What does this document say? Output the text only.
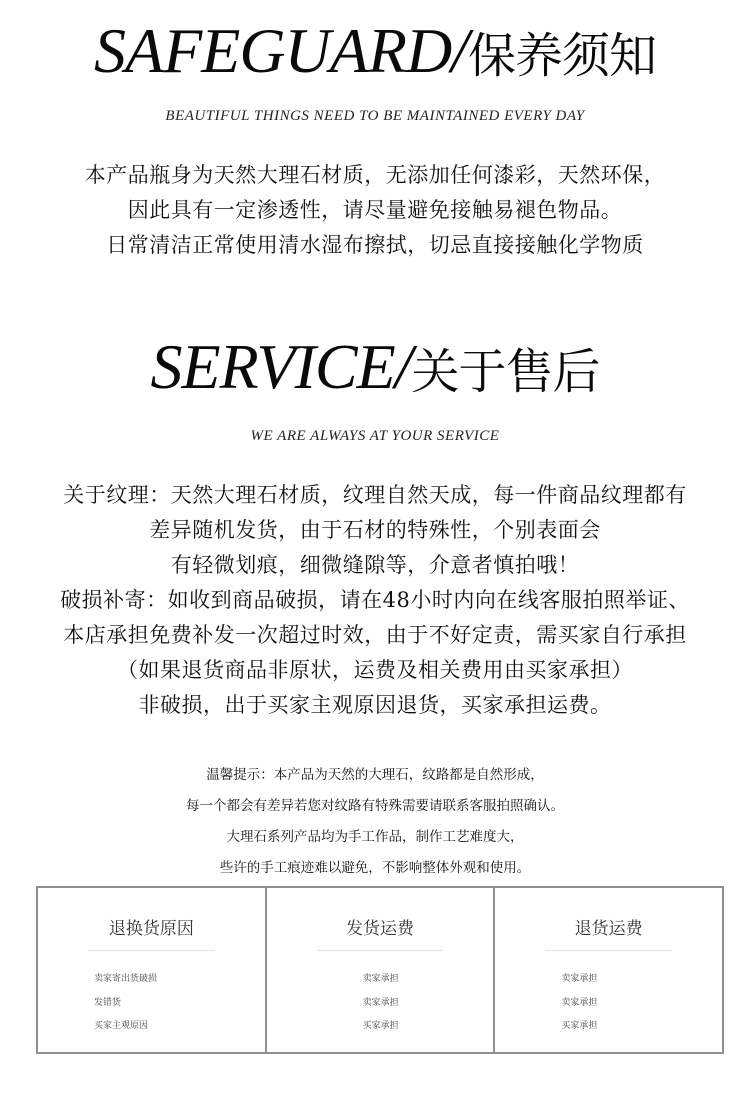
SAFEGUARD/保养须知
BEAUTIFUL THINGS NEED TO BE MAINTAINED EVERY DAY
本产品瓶身为天然大理石材质，无添加任何漆彩，天然环保，
因此具有一定渗透性，请尽量避免接触易褪色物品。
日常清洁正常使用清水湿布擦拭，切忌直接接触化学物质
SERVICE/关于售后
WE ARE ALWAYS AT YOUR SERVICE
关于纹理：天然大理石材质，纹理自然天成，每一件商品纹理都有
差异随机发货，由于石材的特殊性，个别表面会
有轻微划痕，细微缝隙等，介意者慎拍哦！
破损补寄：如收到商品破损，请在48小时内向在线客服拍照举证、
本店承担免费补发一次超过时效，由于不好定责，需买家自行承担
（如果退货商品非原状，运费及相关费用由买家承担）
非破损，出于买家主观原因退货，买家承担运费。
温馨提示：本产品为天然的大理石，纹路都是自然形成，
每一个都会有差异若您对纹路有特殊需要请联系客服拍照确认。
大理石系列产品均为手工作品，制作工艺难度大，
些许的手工痕迹难以避免，不影响整体外观和使用。
退换货原因
卖家寄出货破损
发错货
买家主观原因
发货运费
卖家承担
卖家承担
买家承担
退货运费
卖家承担
卖家承担
买家承担
